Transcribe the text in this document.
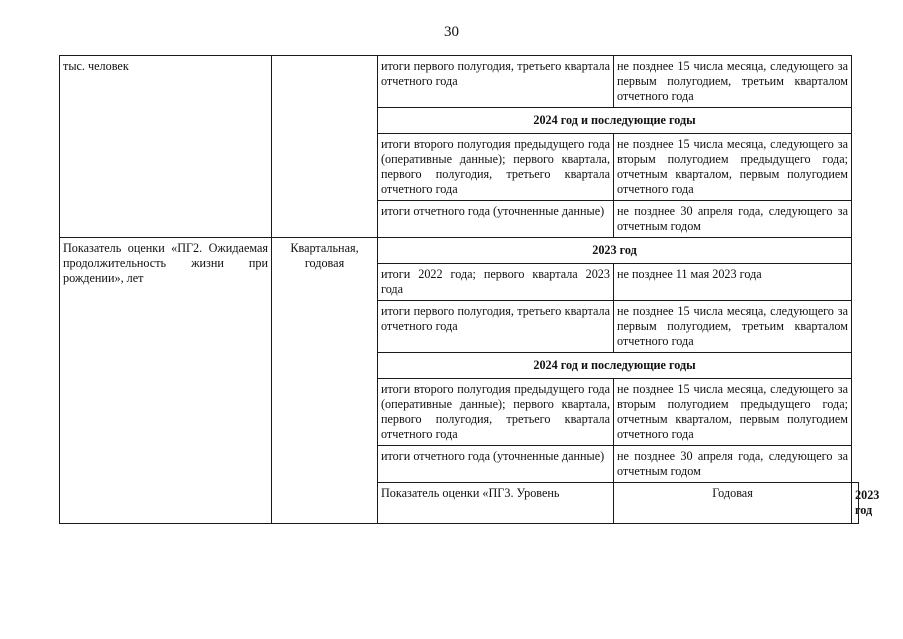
30
тыс. человек		итоги первого полугодия, третьего квартала отчетного года	не позднее 15 числа месяца, следующего за первым полугодием, третьим кварталом отчетного года	
		2024 год и последующие годы		
		итоги второго полугодия предыдущего года (оперативные данные); первого квартала, первого полугодия, третьего квартала отчетного года	не позднее 15 числа месяца, следующего за вторым полугодием предыдущего года; отчетным кварталом, первым полугодием отчетного года	
		итоги отчетного года (уточненные данные)	не позднее 30 апреля года, следующего за отчетным годом	
Показатель оценки «ПГ2. Ожидаемая продолжительность жизни при рождении», лет	Квартальная, годовая	2023 год		
		итоги 2022 года; первого квартала 2023 года	не позднее 11 мая 2023 года	
		итоги первого полугодия, третьего квартала отчетного года	не позднее 15 числа месяца, следующего за первым полугодием, третьим кварталом отчетного года	
		2024 год и последующие годы		
		итоги второго полугодия предыдущего года (оперативные данные); первого квартала, первого полугодия, третьего квартала отчетного года	не позднее 15 числа месяца, следующего за вторым полугодием предыдущего года; отчетным кварталом, первым полугодием отчетного года	
		итоги отчетного года (уточненные данные)	не позднее 30 апреля года, следующего за отчетным годом	
		Показатель оценки «ПГ3. Уровень	Годовая	2023 год
